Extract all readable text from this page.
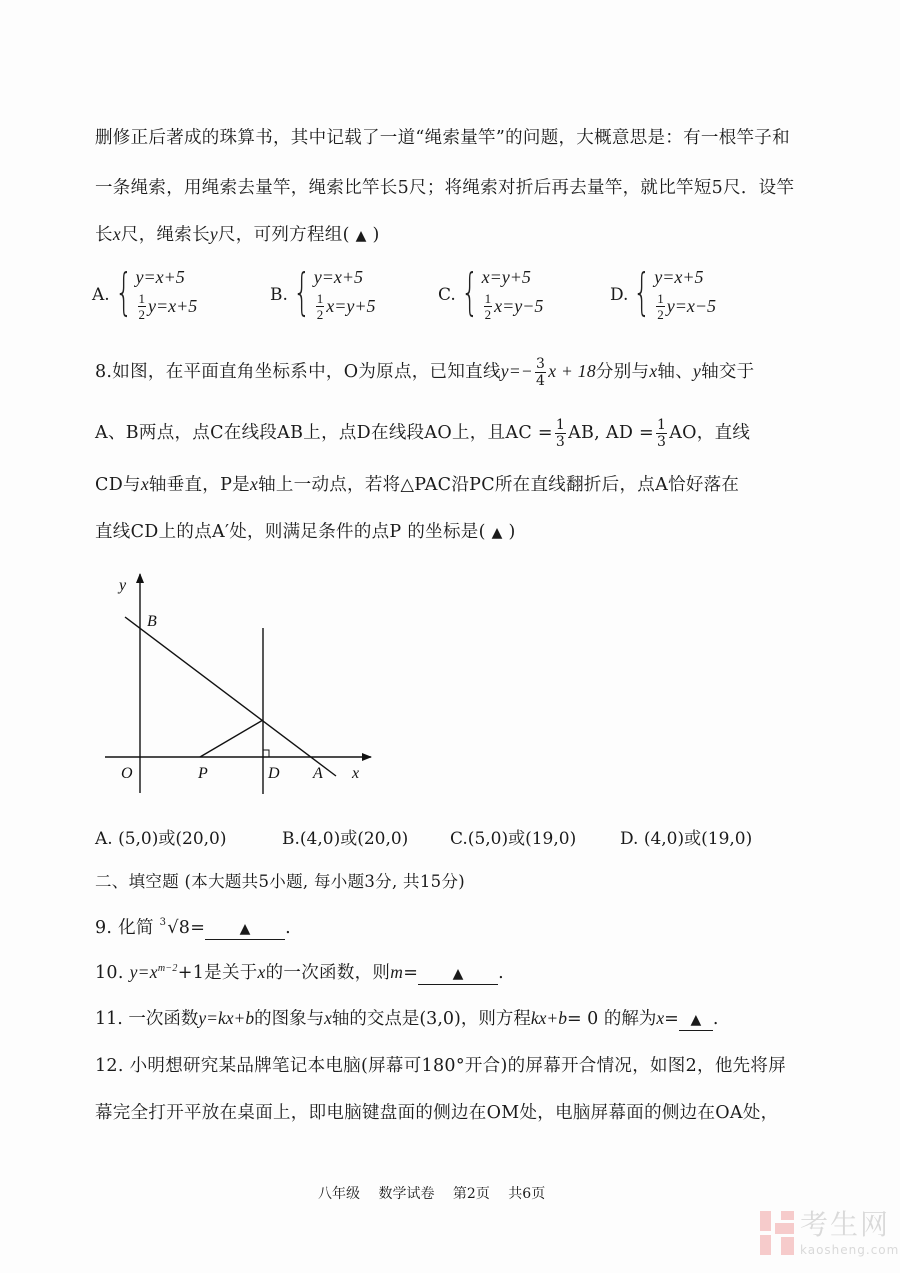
删修正后著成的珠算书，其中记载了一道“绳索量竿”的问题，大概意思是：有一根竿子和
一条绳索，用绳索去量竿，绳索比竿长5尺；将绳索对折后再去量竿，就比竿短5尺．设竿
长x尺，绳索长y尺，可列方程组( ▲ )
A. { y=x+5
$\frac{1}{2} y=x+5$
B. { y=x+5
$\frac{1}{2} x=y+5$
C. { x=y+5
$\frac{1}{2} x=y-5$
D. { y=x+5
$\frac{1}{2} y=x-5$
8.如图，在平面直角坐标系中，O为原点，已知直线$y=- \frac{3}{4}$ x + 18分别与x轴、y轴交于
A、B两点，点C在线段AB上，点D在线段AO上，且AC = $\frac{1}{3}$ AB, AD = $\frac{1}{3}$ AO，直线
CD与x轴垂直，P是x轴上一动点，若将△PAC沿PC所在直线翻折后，点A恰好落在
直线CD上的点A′处，则满足条件的点P 的坐标是( ▲ )
y
B
O	P	D A x
A. (5,0)或(20,0)	B.(4,0)或(20,0) C.(5,0)或(19,0)	D. (4,0)或(19,0)
二、填空题 (本大题共5小题, 每小题3分, 共15分)
9. 化简 $^3$√8= ▲ .
10. $y=x^{m-2}+1$是关于x的一次函数，则m= ▲ .
11. 一次函数y=kx+b的图象与x轴的交点是(3,0)，则方程kx+b= 0 的解为x= ▲ .
12. 小明想研究某品牌笔记本电脑(屏幕可180°开合)的屏幕开合情况，如图2，他先将屏
幕完全打开平放在桌面上，即电脑键盘面的侧边在OM处，电脑屏幕面的侧边在OA处，
八年级 数学试卷 第2页 共6页
考生网
kaosheng.com
